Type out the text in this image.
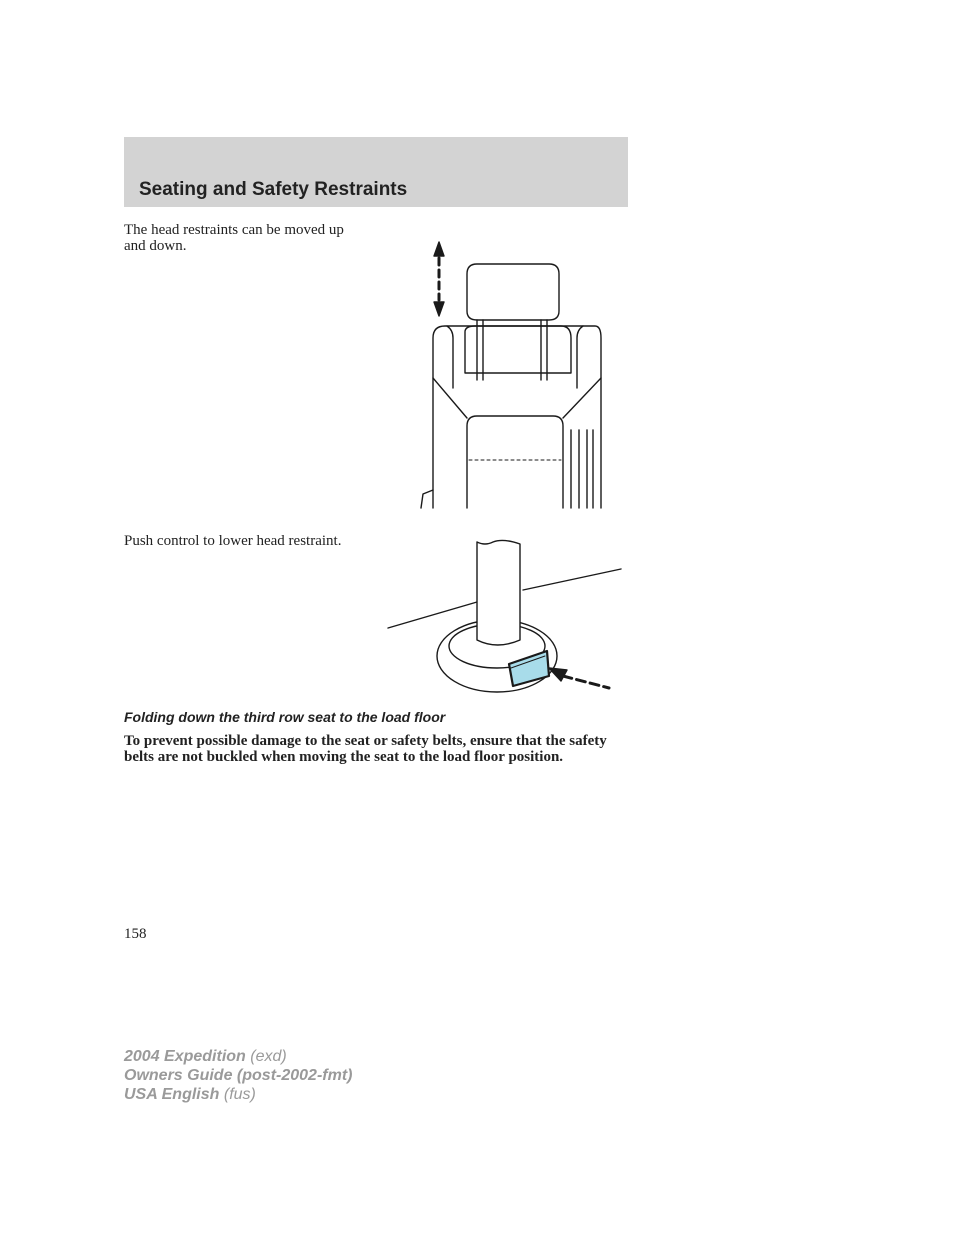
Seating and Safety Restraints

The head restraints can be moved up and down.

Push control to lower head restraint.

Folding down the third row seat to the load floor

To prevent possible damage to the seat or safety belts, ensure that the safety belts are not buckled when moving the seat to the load floor position.

158
2004 Expedition (exd)
Owners Guide (post-2002-fmt)
USA English (fus)
